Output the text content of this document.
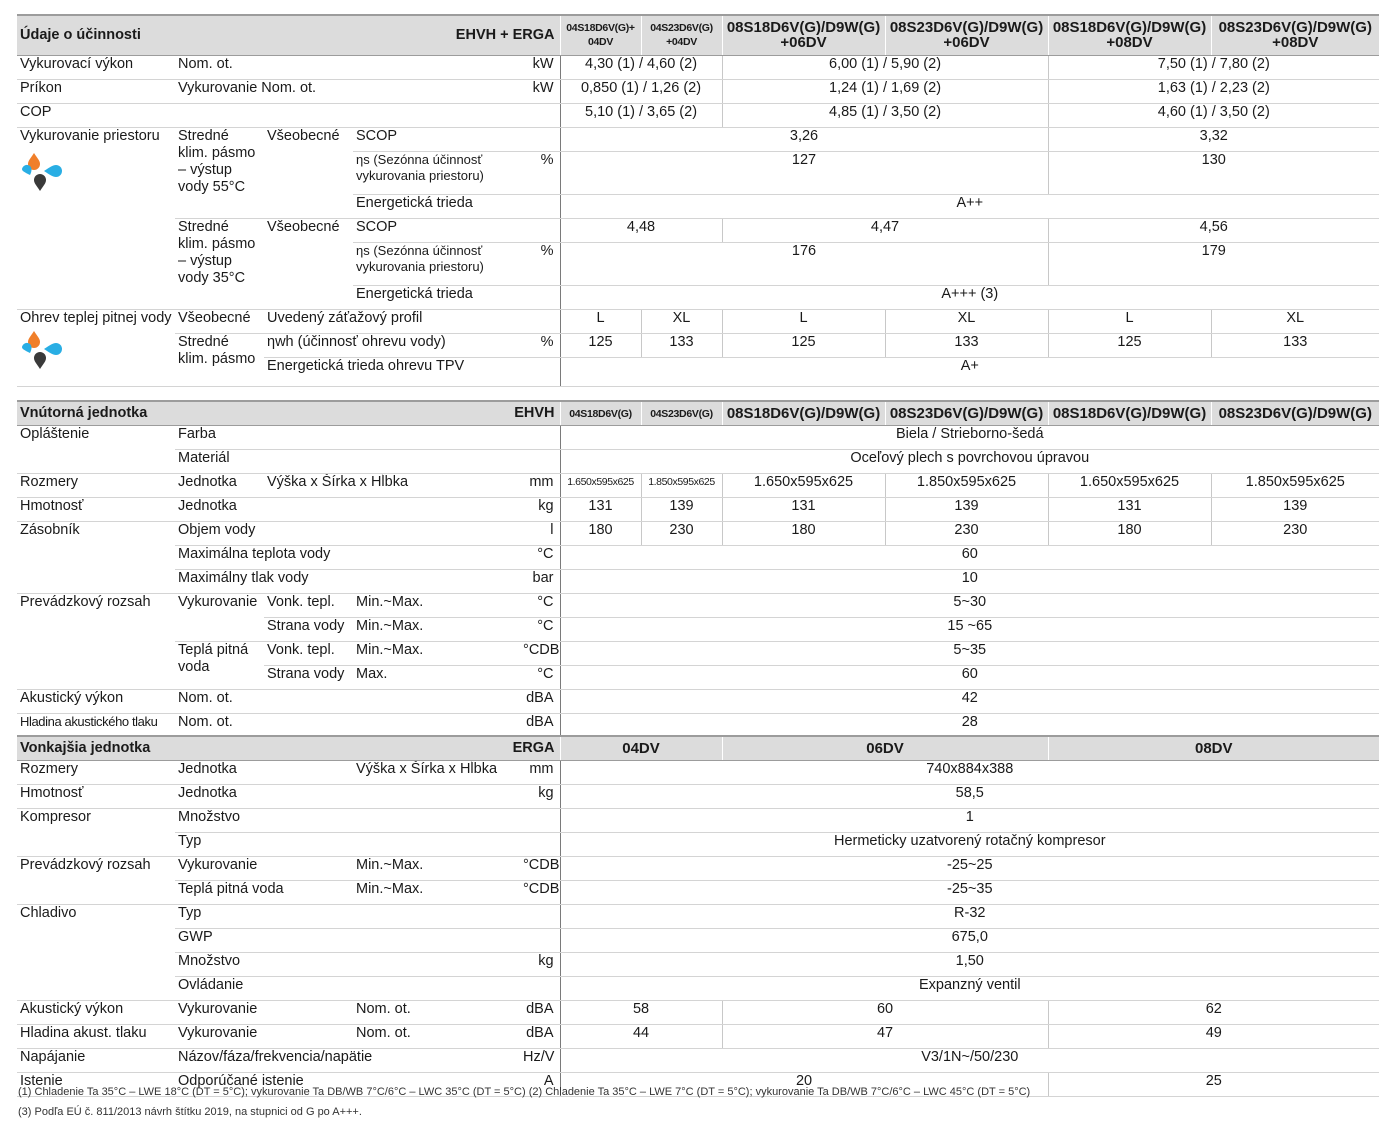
Údaje o účinnosti		EHVH + ERGA			04S18D6V(G)+ 04DV	04S23D6V(G) +04DV	08S18D6V(G)/D9W(G) +06DV	08S23D6V(G)/D9W(G) +06DV	08S18D6V(G)/D9W(G) +08DV	08S23D6V(G)/D9W(G) +08DV
Vykurovací výkon	Nom. ot.			kW	4,30 (1) / 4,60 (2)		6,00 (1) / 5,90 (2)		7,50 (1) / 7,80 (2)	
Príkon	Vykurovanie Nom. ot.			kW	0,850 (1) / 1,26 (2)		1,24 (1) / 1,69 (2)		1,63 (1) / 2,23 (2)	
COP					5,10 (1) / 3,65 (2)		4,85 (1) / 3,50 (2)		4,60 (1) / 3,50 (2)	

Vykurovanie priestoru	Stredné klim. pásmo – výstup vody 55°C	Všeobecné	SCOP		3,26				3,32	
			ηs (Sezónna účinnosť vykurovania priestoru)	%	127				130	
			Energetická trieda		A++					
	Stredné klim. pásmo – výstup vody 35°C	Všeobecné	SCOP		4,48		4,47		4,56	
			ηs (Sezónna účinnosť vykurovania priestoru)	%	176				179	
			Energetická trieda		A+++ (3)					

Ohrev teplej pitnej vody	Všeobecné	Uvedený záťažový profil			L	XL	L	XL	L	XL
	Stredné klim. pásmo	ηwh (účinnosť ohrevu vody)		%	125	133	125	133	125	133
		Energetická trieda ohrevu TPV			A+					
Vnútorná jednotka		EHVH			04S18D6V(G)	04S23D6V(G)	08S18D6V(G)/D9W(G)	08S23D6V(G)/D9W(G)	08S18D6V(G)/D9W(G)	08S23D6V(G)/D9W(G)
Opláštenie	Farba				Biela / Strieborno-šedá					
	Materiál				Oceľový plech s povrchovou úpravou					
Rozmery	Jednotka	Výška x Šírka x Hĺbka		mm	1.650x595x625	1.850x595x625	1.650x595x625	1.850x595x625	1.650x595x625	1.850x595x625
Hmotnosť	Jednotka			kg	131	139	131	139	131	139
Zásobník	Objem vody			l	180	230	180	230	180	230
	Maximálna teplota vody			°C	60					
	Maximálny tlak vody			bar	10					
Prevádzkový rozsah	Vykurovanie	Vonk. tepl.	Min.~Max.	°C	5~30					
		Strana vody	Min.~Max.	°C	15 ~65					
	Teplá pitná voda	Vonk. tepl.	Min.~Max.	°CDB	5~35					
		Strana vody	Max.	°C	60					
Akustický výkon	Nom. ot.			dBA	42					
Hladina akustického tlaku	Nom. ot.			dBA	28					
Vonkajšia jednotka		ERGA		04DV	06DV	08DV
Rozmery	Jednotka	Výška x Šírka x Hĺbka	mm	740x884x388		
Hmotnosť	Jednotka		kg	58,5		
Kompresor	Množstvo			1		
	Typ			Hermeticky uzatvorený rotačný kompresor		
Prevádzkový rozsah	Vykurovanie	Min.~Max.	°CDB	-25~25		
	Teplá pitná voda	Min.~Max.	°CDB	-25~35		
Chladivo	Typ			R-32		
	GWP			675,0		
	Množstvo		kg	1,50		
	Ovládanie			Expanzný ventil		
Akustický výkon	Vykurovanie	Nom. ot.	dBA	58	60	62
Hladina akust. tlaku	Vykurovanie	Nom. ot.	dBA	44	47	49
Napájanie	Názov/fáza/frekvencia/napätie		Hz/V	V3/1N~/50/230		
Istenie	Odporúčané istenie		A	20		25
(1) Chladenie Ta 35°C – LWE 18°C (DT = 5°C); vykurovanie Ta DB/WB 7°C/6°C – LWC 35°C (DT = 5°C) (2) Chladenie Ta 35°C – LWE 7°C (DT = 5°C); vykurovanie Ta DB/WB 7°C/6°C – LWC 45°C (DT = 5°C)
(3) Podľa EÚ č. 811/2013 návrh štítku 2019, na stupnici od G po A+++.
